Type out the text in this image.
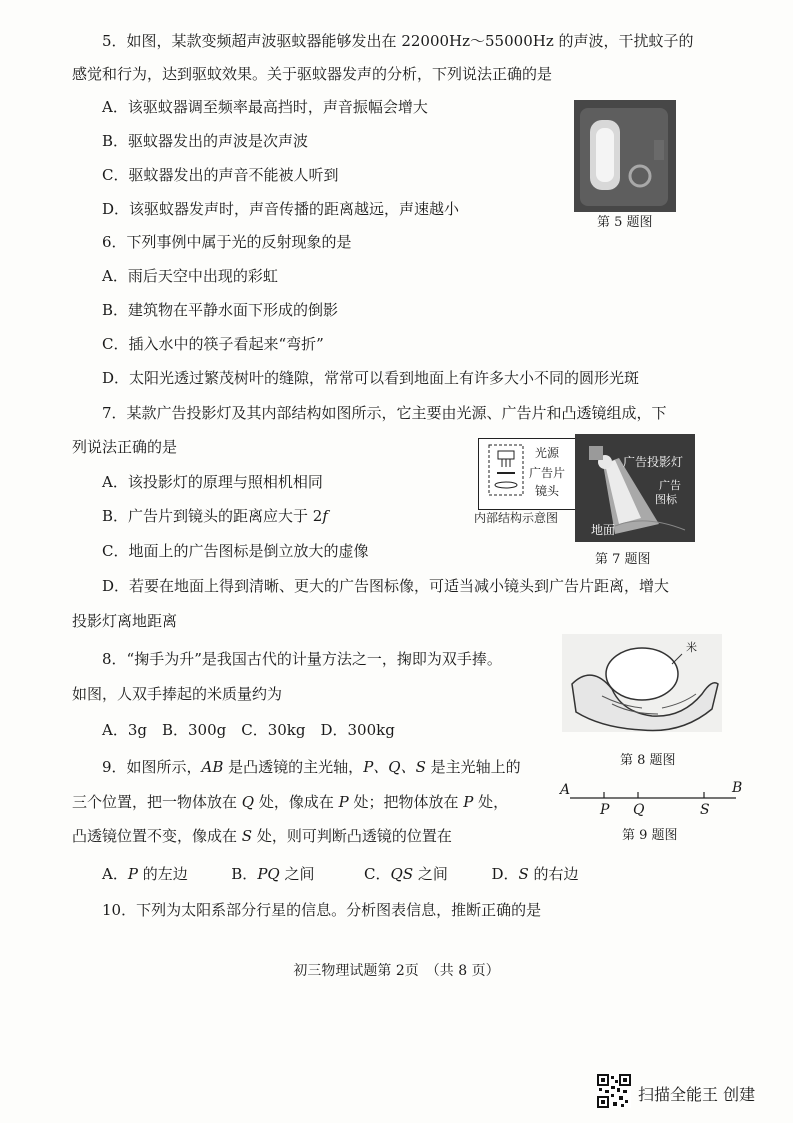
5．如图，某款变频超声波驱蚊器能够发出在 22000Hz～55000Hz 的声波，干扰蚊子的
感觉和行为，达到驱蚊效果。关于驱蚊器发声的分析，下列说法正确的是
A．该驱蚊器调至频率最高挡时，声音振幅会增大
B．驱蚊器发出的声波是次声波
C．驱蚊器发出的声音不能被人听到
D．该驱蚊器发声时，声音传播的距离越远，声速越小
第 5 题图
6．下列事例中属于光的反射现象的是
A．雨后天空中出现的彩虹
B．建筑物在平静水面下形成的倒影
C．插入水中的筷子看起来“弯折”
D．太阳光透过繁茂树叶的缝隙，常常可以看到地面上有许多大小不同的圆形光斑
7．某款广告投影灯及其内部结构如图所示，它主要由光源、广告片和凸透镜组成，下
列说法正确的是
A．该投影灯的原理与照相机相同
B．广告片到镜头的距离应大于 2f
C．地面上的广告图标是倒立放大的虚像
D．若要在地面上得到清晰、更大的广告图标像，可适当减小镜头到广告片距离，增大
投影灯离地距离
光源
广告片
镜头
内部结构示意图
广告投影灯
广告
图标
地面
第 7 题图
8．“掬手为升”是我国古代的计量方法之一，掬即为双手捧。
如图，人双手捧起的米质量约为
A．3g　B．300g　C．30kg　D．300kg
米
第 8 题图
9．如图所示，AB 是凸透镜的主光轴，P、Q、S 是主光轴上的
三个位置，把一物体放在 Q 处，像成在 P 处；把物体放在 P 处，
凸透镜位置不变，像成在 S 处，则可判断凸透镜的位置在
A．P 的左边	B．PQ 之间	C．QS 之间	D．S 的右边
A
P Q	S
B
第 9 题图
10．下列为太阳系部分行星的信息。分析图表信息，推断正确的是
初三物理试题第 2页　（共 8 页）
扫描全能王 创建
